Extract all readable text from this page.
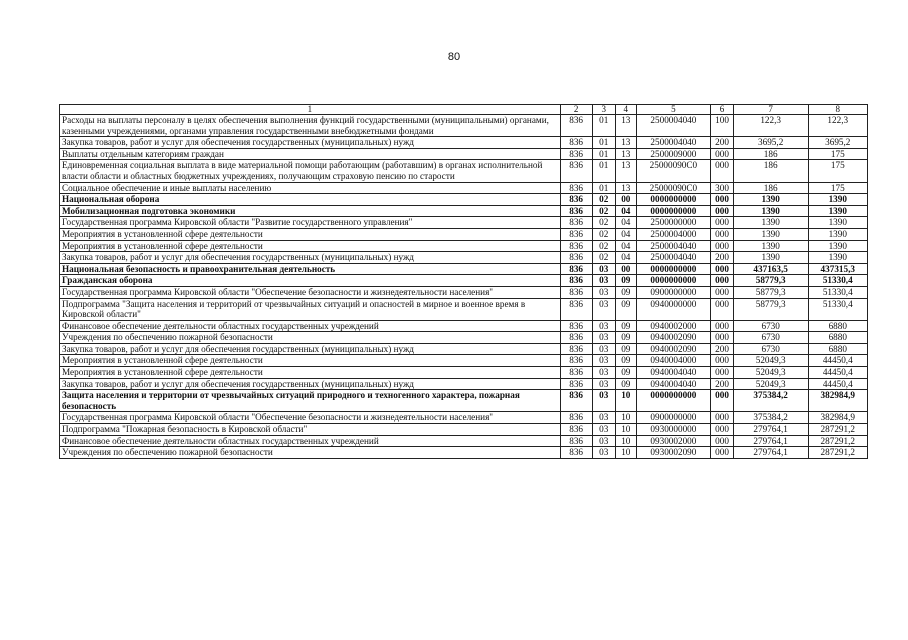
80
1	2	3	4	5	6	7	8
Расходы на выплаты персоналу в целях обеспечения выполнения функций государственными (муниципальными) органами, казенными учреждениями, органами управления государственными внебюджетными фондами	836	01	13	2500004040	100	122,3	122,3
Закупка товаров, работ и услуг для обеспечения государственных (муниципальных) нужд	836	01	13	2500004040	200	3695,2	3695,2
Выплаты отдельным категориям граждан	836	01	13	2500009000	000	186	175
Единовременная социальная выплата в виде материальной помощи работающим (работавшим) в органах исполнительной власти области и областных бюджетных учреждениях, получающим страховую пенсию по старости	836	01	13	25000090С0	000	186	175
Социальное обеспечение и иные выплаты населению	836	01	13	25000090С0	300	186	175
Национальная оборона	836	02	00	0000000000	000	1390	1390
Мобилизационная подготовка экономики	836	02	04	0000000000	000	1390	1390
Государственная программа Кировской области "Развитие государственного управления"	836	02	04	2500000000	000	1390	1390
Мероприятия в установленной сфере деятельности	836	02	04	2500004000	000	1390	1390
Мероприятия в установленной сфере деятельности	836	02	04	2500004040	000	1390	1390
Закупка товаров, работ и услуг для обеспечения государственных (муниципальных) нужд	836	02	04	2500004040	200	1390	1390
Национальная безопасность и правоохранительная деятельность	836	03	00	0000000000	000	437163,5	437315,3
Гражданская оборона	836	03	09	0000000000	000	58779,3	51330,4
Государственная программа Кировской области "Обеспечение безопасности и жизнедеятельности населения"	836	03	09	0900000000	000	58779,3	51330,4
Подпрограмма "Защита населения и территорий от чрезвычайных ситуаций и опасностей в мирное и военное время в Кировской области"	836	03	09	0940000000	000	58779,3	51330,4
Финансовое обеспечение деятельности областных государственных учреждений	836	03	09	0940002000	000	6730	6880
Учреждения по обеспечению пожарной безопасности	836	03	09	0940002090	000	6730	6880
Закупка товаров, работ и услуг для обеспечения государственных (муниципальных) нужд	836	03	09	0940002090	200	6730	6880
Мероприятия в установленной сфере деятельности	836	03	09	0940004000	000	52049,3	44450,4
Мероприятия в установленной сфере деятельности	836	03	09	0940004040	000	52049,3	44450,4
Закупка товаров, работ и услуг для обеспечения государственных (муниципальных) нужд	836	03	09	0940004040	200	52049,3	44450,4
Защита населения и территории от чрезвычайных ситуаций природного и техногенного характера, пожарная безопасность	836	03	10	0000000000	000	375384,2	382984,9
Государственная программа Кировской области "Обеспечение безопасности и жизнедеятельности населения"	836	03	10	0900000000	000	375384,2	382984,9
Подпрограмма "Пожарная безопасность в Кировской области"	836	03	10	0930000000	000	279764,1	287291,2
Финансовое обеспечение деятельности областных государственных учреждений	836	03	10	0930002000	000	279764,1	287291,2
Учреждения по обеспечению пожарной безопасности	836	03	10	0930002090	000	279764,1	287291,2
